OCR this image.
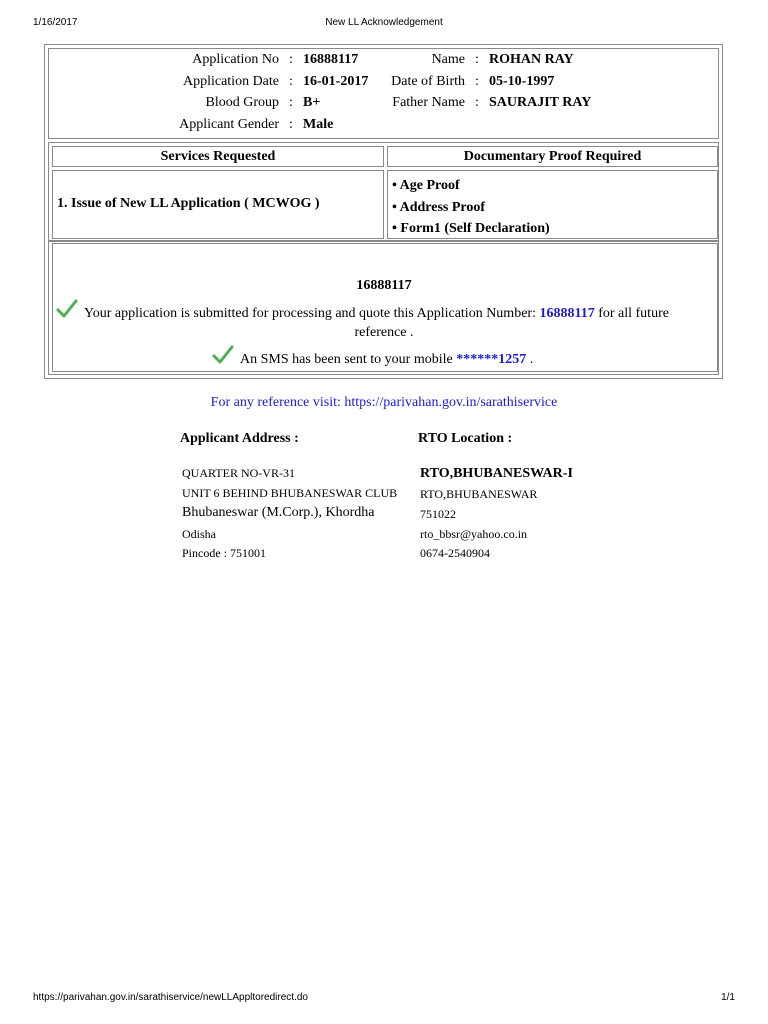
1/16/2017	New LL Acknowledgement
Application No : 16888117
Application Date : 16-01-2017
Blood Group : B+
Applicant Gender : Male
Name : ROHAN RAY
Date of Birth : 05-10-1997
Father Name : SAURAJIT RAY
Services Requested	Documentary Proof Required
1. Issue of New LL Application ( MCWOG )
• Age Proof
• Address Proof
• Form1 (Self Declaration)
16888117
Your application is submitted for processing and quote this Application Number: 16888117 for all future
reference .
An SMS has been sent to your mobile ******1257 .
For any reference visit: https://parivahan.gov.in/sarathiservice
Applicant Address :	RTO Location :
QUARTER NO-VR-31
UNIT 6 BEHIND BHUBANESWAR CLUB
Bhubaneswar (M.Corp.), Khordha
Odisha
Pincode : 751001
RTO,BHUBANESWAR-I
RTO,BHUBANESWAR
751022
rto_bbsr@yahoo.co.in
0674-2540904
https://parivahan.gov.in/sarathiservice/newLLAppltoredirect.do	1/1
